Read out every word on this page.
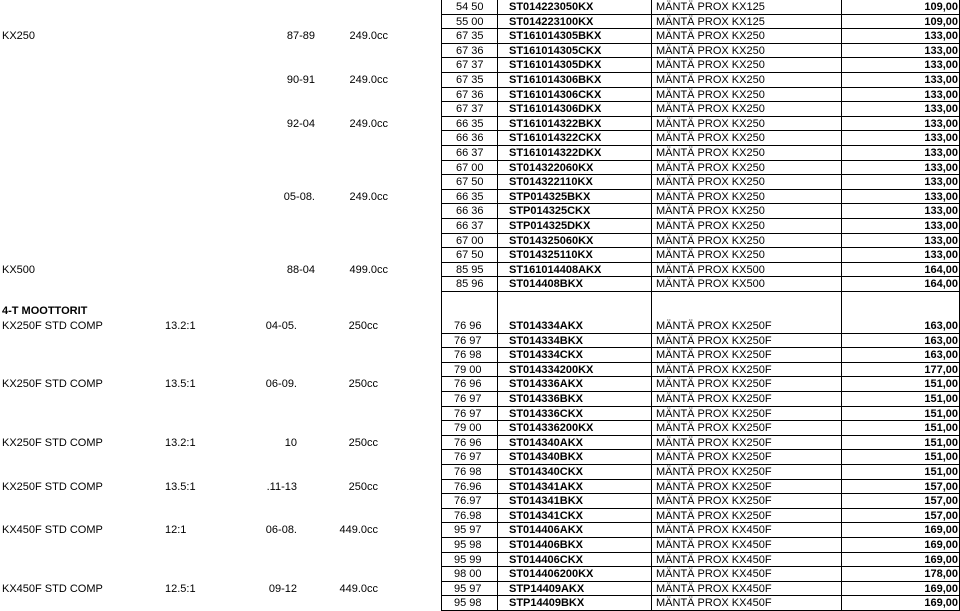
4-T MOOTTORIT
54 50 ST014223050KX	MÄNTÄ PROX KX125	109,00
55 00 ST014223100KX	MÄNTÄ PROX KX125	109,00
KX250	87-89	249.0cc	67 35 ST161014305BKX	MÄNTÄ PROX KX250	133,00
67 36 ST161014305CKX	MÄNTÄ PROX KX250	133,00
67 37 ST161014305DKX	MÄNTÄ PROX KX250	133,00
90-91	249.0cc	67 35 ST161014306BKX	MÄNTÄ PROX KX250	133,00
67 36 ST161014306CKX	MÄNTÄ PROX KX250	133,00
67 37 ST161014306DKX	MÄNTÄ PROX KX250	133,00
92-04	249.0cc	66 35 ST161014322BKX	MÄNTÄ PROX KX250	133,00
66 36 ST161014322CKX	MÄNTÄ PROX KX250	133,00
66 37 ST161014322DKX	MÄNTÄ PROX KX250	133,00
67 00 ST014322060KX	MÄNTÄ PROX KX250	133,00
67 50 ST014322110KX	MÄNTÄ PROX KX250	133,00
05-08.	249.0cc	66 35 STP014325BKX	MÄNTÄ PROX KX250	133,00
66 36 STP014325CKX	MÄNTÄ PROX KX250	133,00
66 37 STP014325DKX	MÄNTÄ PROX KX250	133,00
67 00 ST014325060KX	MÄNTÄ PROX KX250	133,00
67 50 ST014325110KX	MÄNTÄ PROX KX250	133,00
KX500	88-04	499.0cc	85 95 ST161014408AKX	MÄNTÄ PROX KX500	164,00
85 96 ST014408BKX	MÄNTÄ PROX KX500	164,00
KX250F STD COMP	13.2:1	04-05.	250cc	76 96 ST014334AKX	MÄNTÄ PROX KX250F	163,00
76 97 ST014334BKX	MÄNTÄ PROX KX250F	163,00
76 98 ST014334CKX	MÄNTÄ PROX KX250F	163,00
79 00 ST014334200KX	MÄNTÄ PROX KX250F	177,00
KX250F STD COMP	13.5:1	06-09.	250cc	76 96 ST014336AKX	MÄNTÄ PROX KX250F	151,00
76 97 ST014336BKX	MÄNTÄ PROX KX250F	151,00
76 97 ST014336CKX	MÄNTÄ PROX KX250F	151,00
79 00 ST014336200KX	MÄNTÄ PROX KX250F	151,00
KX250F STD COMP	13.2:1	10	250cc	76 96 ST014340AKX	MÄNTÄ PROX KX250F	151,00
76 97 ST014340BKX	MÄNTÄ PROX KX250F	151,00
76 98 ST014340CKX	MÄNTÄ PROX KX250F	151,00
KX250F STD COMP	13.5:1	.11-13	250cc	76.96 ST014341AKX	MÄNTÄ PROX KX250F	157,00
76.97 ST014341BKX	MÄNTÄ PROX KX250F	157,00
76.98 ST014341CKX	MÄNTÄ PROX KX250F	157,00
KX450F STD COMP	12:1	06-08.	449.0cc	95 97 ST014406AKX	MÄNTÄ PROX KX450F	169,00
95 98 ST014406BKX	MÄNTÄ PROX KX450F	169,00
95 99 ST014406CKX	MÄNTÄ PROX KX450F	169,00
98 00 ST014406200KX	MÄNTÄ PROX KX450F	178,00
KX450F STD COMP	12.5:1	09-12	449.0cc	95 97 STP14409AKX	MÄNTÄ PROX KX450F	169,00
95 98 STP14409BKX	MÄNTÄ PROX KX450F	169,00
